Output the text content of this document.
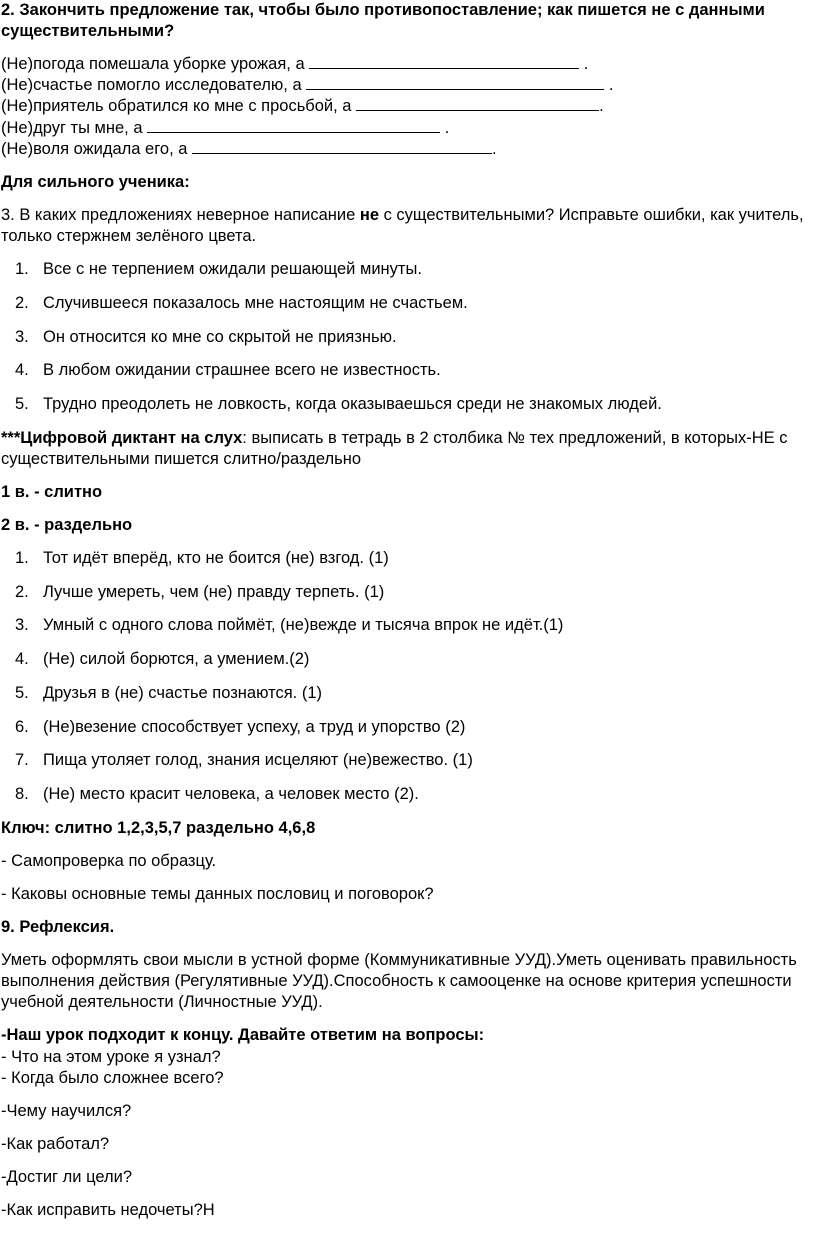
2. Закончить предложение так, чтобы было противопоставление; как пишется не с данными существительными?

(Не)погода помешала уборке урожая, а	.

(Не)счастье помогло исследователю, а	.

(Не)приятель обратился ко мне с просьбой, а	.

(Не)друг ты мне, а	.

(Не)воля ожидала его, а	.

Для сильного ученика:

3. В каких предложениях неверное написание не с существительными? Исправьте ошибки, как учитель, только стержнем зелёного цвета.

1. Все с не терпением ожидали решающей минуты.
2. Случившееся показалось мне настоящим не счастьем.
3. Он относится ко мне со скрытой не приязнью.
4. В любом ожидании страшнее всего не известность.
5. Трудно преодолеть не ловкость, когда оказываешься среди не знакомых людей.

***Цифровой диктант на слух: выписать в тетрадь в 2 столбика № тех предложений, в которых-НЕ с существительными пишется слитно/раздельно

1 в. - слитно

2 в. - раздельно

1. Тот идёт вперёд, кто не боится (не) взгод. (1)
2. Лучше умереть, чем (не) правду терпеть. (1)
3. Умный с одного слова поймёт, (не)вежде и тысяча впрок не идёт.(1)
4. (Не) силой борются, а умением.(2)
5. Друзья в (не) счастье познаются. (1)
6. (Не)везение способствует успеху, а труд и упорство (2)
7. Пища утоляет голод, знания исцеляют (не)вежество. (1)
8. (Не) место красит человека, а человек место (2).

Ключ: слитно 1,2,3,5,7 раздельно 4,6,8

- Самопроверка по образцу.

- Каковы основные темы данных пословиц и поговорок?

9. Рефлексия.

Уметь оформлять свои мысли в устной форме (Коммуникативные УУД).Уметь оценивать правильность выполнения действия (Регулятивные УУД).Способность к самооценке на основе критерия успешности учебной деятельности (Личностные УУД).

-Наш урок подходит к концу. Давайте ответим на вопросы:

- Что на этом уроке я узнал?

- Когда было сложнее всего?

-Чему научился?

-Как работал?

-Достиг ли цели?

-Как исправить недочеты?Н
